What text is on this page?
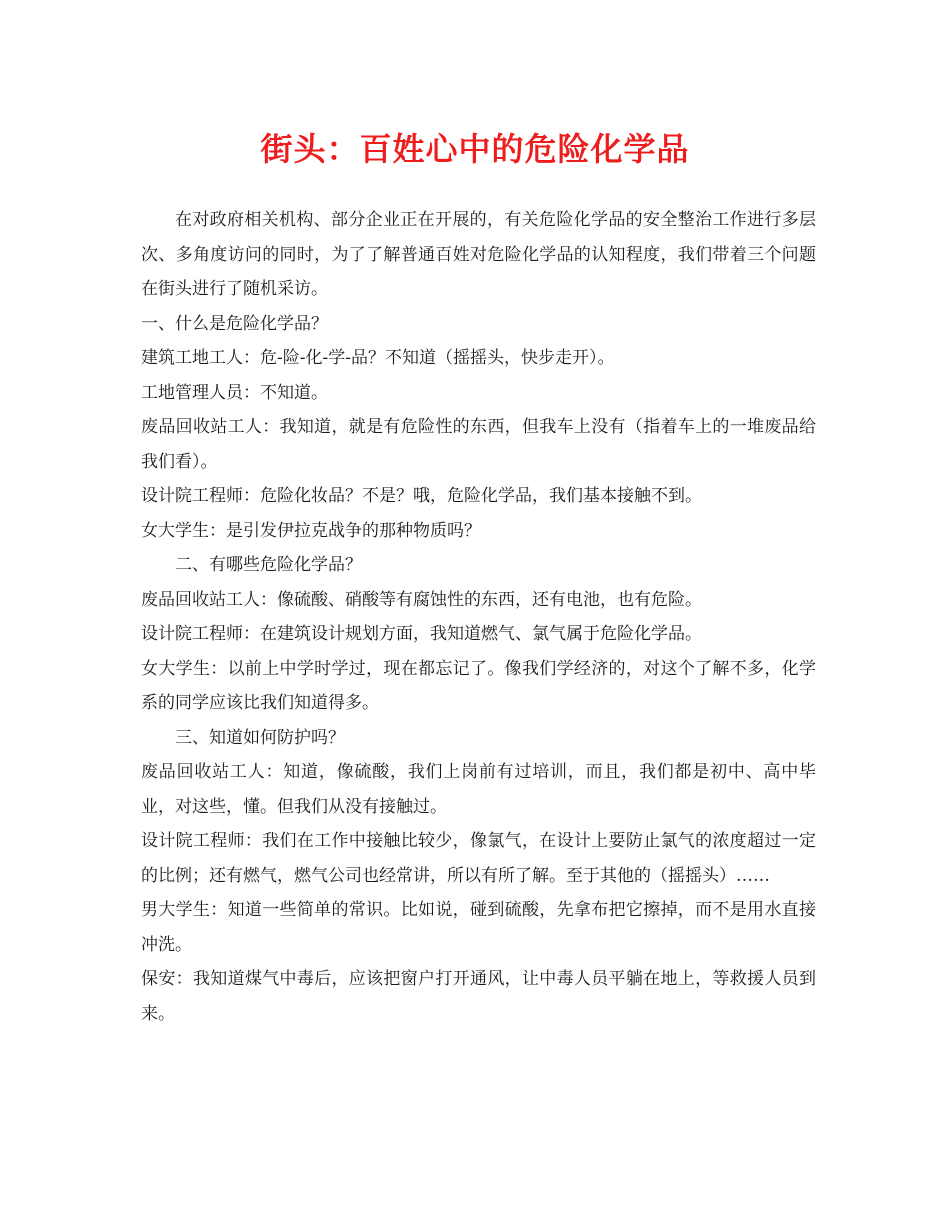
街头：百姓心中的危险化学品

在对政府相关机构、部分企业正在开展的，有关危险化学品的安全整治工作进行多层次、多角度访问的同时，为了了解普通百姓对危险化学品的认知程度，我们带着三个问题在街头进行了随机采访。

一、什么是危险化学品？

建筑工地工人：危-险-化-学-品？不知道（摇摇头，快步走开）。

工地管理人员：不知道。

废品回收站工人：我知道，就是有危险性的东西，但我车上没有（指着车上的一堆废品给我们看）。

设计院工程师：危险化妆品？不是？哦，危险化学品，我们基本接触不到。

女大学生：是引发伊拉克战争的那种物质吗？

二、有哪些危险化学品？

废品回收站工人：像硫酸、硝酸等有腐蚀性的东西，还有电池，也有危险。

设计院工程师：在建筑设计规划方面，我知道燃气、氯气属于危险化学品。

女大学生：以前上中学时学过，现在都忘记了。像我们学经济的，对这个了解不多，化学系的同学应该比我们知道得多。

三、知道如何防护吗？

废品回收站工人：知道，像硫酸，我们上岗前有过培训，而且，我们都是初中、高中毕业，对这些，懂。但我们从没有接触过。

设计院工程师：我们在工作中接触比较少，像氯气，在设计上要防止氯气的浓度超过一定的比例；还有燃气，燃气公司也经常讲，所以有所了解。至于其他的（摇摇头）……

男大学生：知道一些简单的常识。比如说，碰到硫酸，先拿布把它擦掉，而不是用水直接冲洗。

保安：我知道煤气中毒后，应该把窗户打开通风，让中毒人员平躺在地上，等救援人员到来。
